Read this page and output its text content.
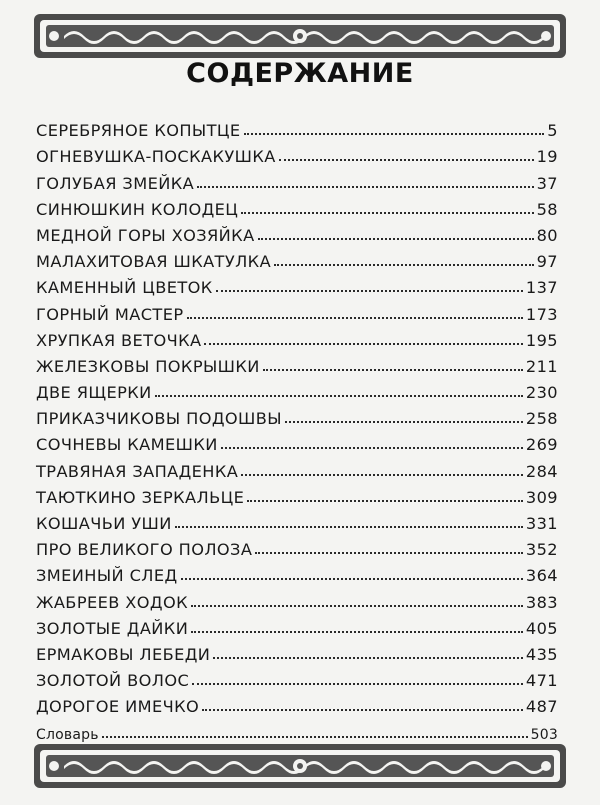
СОДЕРЖАНИЕ
СЕРЕБРЯНОЕ КОПЫТЦЕ	5
ОГНЕВУШКА-ПОСКАКУШКА	19
ГОЛУБАЯ ЗМЕЙКА	37
СИНЮШКИН КОЛОДЕЦ	58
МЕДНОЙ ГОРЫ ХОЗЯЙКА	80
МАЛАХИТОВАЯ ШКАТУЛКА	97
КАМЕННЫЙ ЦВЕТОК	137
ГОРНЫЙ МАСТЕР	173
ХРУПКАЯ ВЕТОЧКА	195
ЖЕЛЕЗКОВЫ ПОКРЫШКИ	211
ДВЕ ЯЩЕРКИ	230
ПРИКАЗЧИКОВЫ ПОДОШВЫ	258
СОЧНЕВЫ КАМЕШКИ	269
ТРАВЯНАЯ ЗАПАДЕНКА	284
ТАЮТКИНО ЗЕРКАЛЬЦЕ	309
КОШАЧЬИ УШИ	331
ПРО ВЕЛИКОГО ПОЛОЗА	352
ЗМЕИНЫЙ СЛЕД	364
ЖАБРЕЕВ ХОДОК	383
ЗОЛОТЫЕ ДАЙКИ	405
ЕРМАКОВЫ ЛЕБЕДИ	435
ЗОЛОТОЙ ВОЛОС	471
ДОРОГОЕ ИМЕЧКО	487
Словарь	503
